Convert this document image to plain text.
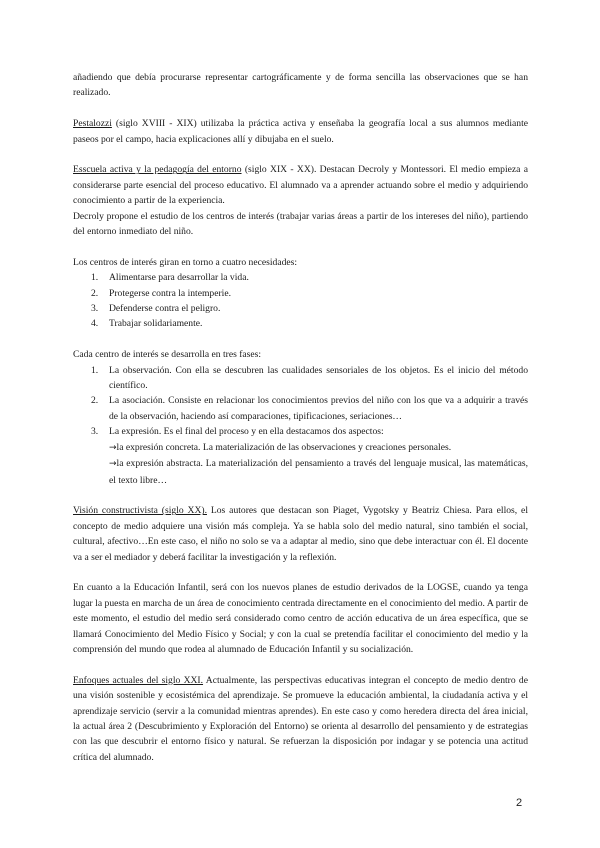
añadiendo que debía procurarse representar cartográficamente y de forma sencilla las observaciones que se han realizado.

Pestalozzi (siglo XVIII - XIX) utilizaba la práctica activa y enseñaba la geografía local a sus alumnos mediante paseos por el campo, hacia explicaciones allí y dibujaba en el suelo.

Esscuela activa y la pedagogía del entorno (siglo XIX - XX). Destacan Decroly y Montessori. El medio empieza a considerarse parte esencial del proceso educativo. El alumnado va a aprender actuando sobre el medio y adquiriendo conocimiento a partir de la experiencia.

Decroly propone el estudio de los centros de interés (trabajar varias áreas a partir de los intereses del niño), partiendo del entorno inmediato del niño.

Los centros de interés giran en torno a cuatro necesidades:

1. Alimentarse para desarrollar la vida.
2. Protegerse contra la intemperie.
3. Defenderse contra el peligro.
4. Trabajar solidariamente.

Cada centro de interés se desarrolla en tres fases:

1. La observación. Con ella se descubren las cualidades sensoriales de los objetos. Es el inicio del método científico.
2. La asociación. Consiste en relacionar los conocimientos previos del niño con los que va a adquirir a través de la observación, haciendo así comparaciones, tipificaciones, seriaciones…
3. La expresión. Es el final del proceso y en ella destacamos dos aspectos:
→la expresión concreta. La materialización de las observaciones y creaciones personales.
→la expresión abstracta. La materialización del pensamiento a través del lenguaje musical, las matemáticas, el texto libre…

Visión constructivista (siglo XX). Los autores que destacan son Piaget, Vygotsky y Beatriz Chiesa. Para ellos, el concepto de medio adquiere una visión más compleja. Ya se habla solo del medio natural, sino también el social, cultural, afectivo…En este caso, el niño no solo se va a adaptar al medio, sino que debe interactuar con él. El docente va a ser el mediador y deberá facilitar la investigación y la reflexión.

En cuanto a la Educación Infantil, será con los nuevos planes de estudio derivados de la LOGSE, cuando ya tenga lugar la puesta en marcha de un área de conocimiento centrada directamente en el conocimiento del medio. A partir de este momento, el estudio del medio será considerado como centro de acción educativa de un área específica, que se llamará Conocimiento del Medio Físico y Social; y con la cual se pretendía facilitar el conocimiento del medio y la comprensión del mundo que rodea al alumnado de Educación Infantil y su socialización.

Enfoques actuales del siglo XXI. Actualmente, las perspectivas educativas integran el concepto de medio dentro de una visión sostenible y ecosistémica del aprendizaje. Se promueve la educación ambiental, la ciudadanía activa y el aprendizaje servicio (servir a la comunidad mientras aprendes). En este caso y como heredera directa del área inicial, la actual área 2 (Descubrimiento y Exploración del Entorno) se orienta al desarrollo del pensamiento y de estrategias con las que descubrir el entorno físico y natural. Se refuerzan la disposición por indagar y se potencia una actitud crítica del alumnado.

2
